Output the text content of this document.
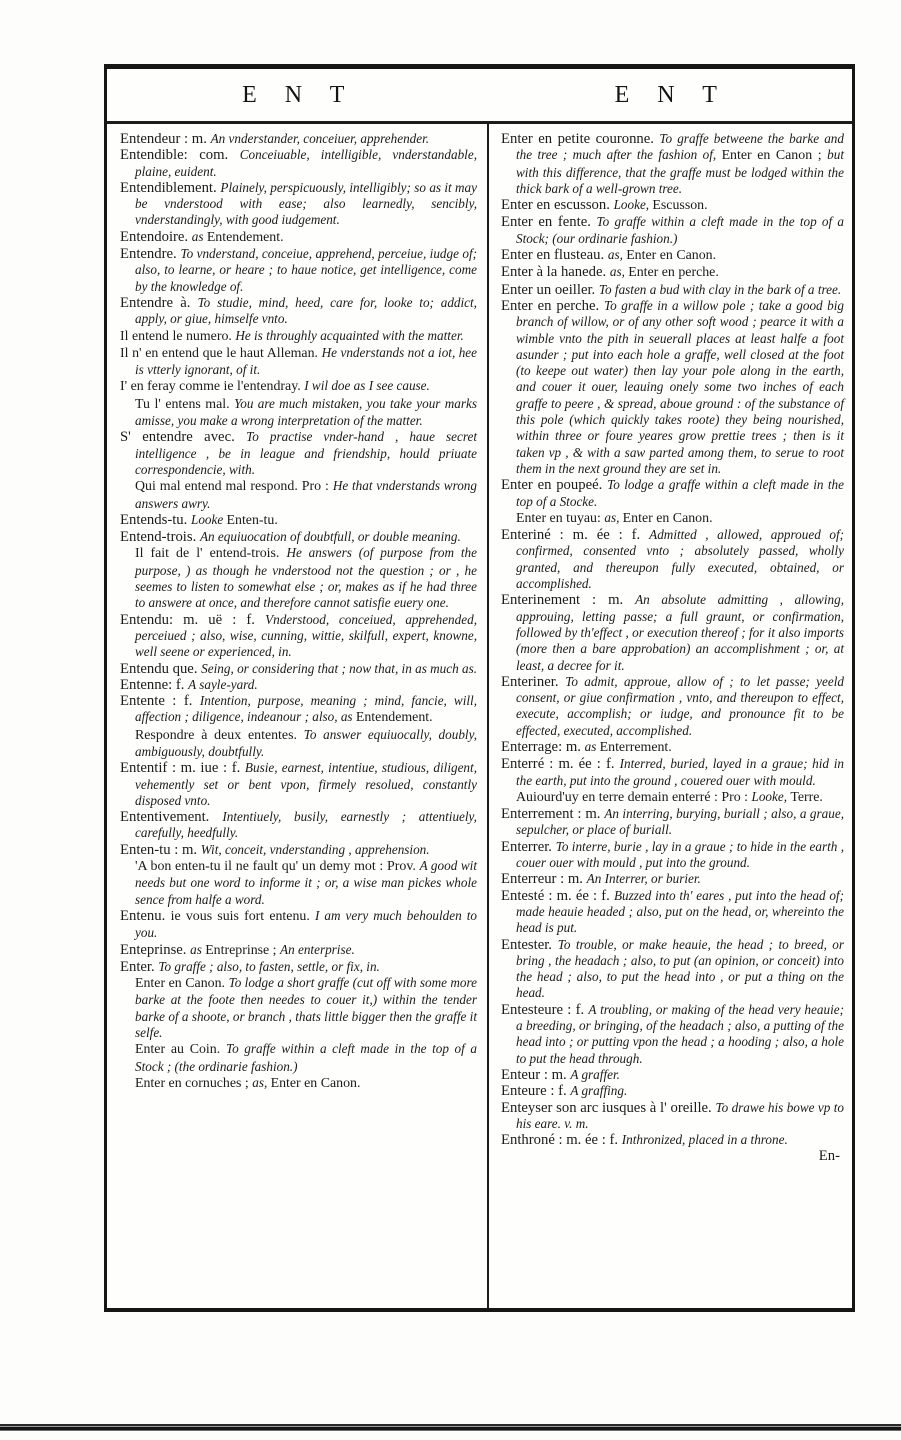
E N T	E N T

Entendeur : m. An vnderstander, conceiuer, apprehender.

Entendible: com. Conceiuable, intelligible, vnderstandable, plaine, euident.

Entendiblement. Plainely, perspicuously, intelligibly; so as it may be vnderstood with ease; also learnedly, sencibly, vnderstandingly, with good iudgement.

Entendoire. as Entendement.

Entendre. To vnderstand, conceiue, apprehend, perceiue, iudge of; also, to learne, or heare ; to haue notice, get intelligence, come by the knowledge of.

Entendre à. To studie, mind, heed, care for, looke to; addict, apply, or giue, himselfe vnto.

Il entend le numero. He is throughly acquainted with the matter.

Il n' en entend que le haut Alleman. He vnderstands not a iot, hee is vtterly ignorant, of it.

I' en feray comme ie l'entendray. I wil doe as I see cause.

Tu l' entens mal. You are much mistaken, you take your marks amisse, you make a wrong interpretation of the matter.

S' entendre avec. To practise vnder-hand , haue secret intelligence , be in league and friendship, hould priuate correspondencie, with.

Qui mal entend mal respond. Pro : He that vnderstands wrong answers awry.

Entends-tu. Looke Enten-tu.

Entend-trois. An equiuocation of doubtfull, or double meaning.

Il fait de l' entend-trois. He answers (of purpose from the purpose, ) as though he vnderstood not the question ; or , he seemes to listen to somewhat else ; or, makes as if he had three to answere at once, and therefore cannot satisfie euery one.

Entendu: m. uë : f. Vnderstood, conceiued, apprehended, perceiued ; also, wise, cunning, wittie, skilfull, expert, knowne, well seene or experienced, in.

Entendu que. Seing, or considering that ; now that, in as much as.

Entenne: f. A sayle-yard.

Entente : f. Intention, purpose, meaning ; mind, fancie, will, affection ; diligence, indeanour ; also, as Entendement.

Respondre à deux ententes. To answer equiuocally, doubly, ambiguously, doubtfully.

Ententif : m. iue : f. Busie, earnest, intentiue, studious, diligent, vehemently set or bent vpon, firmely resolued, constantly disposed vnto.

Ententivement. Intentiuely, busily, earnestly ; attentiuely, carefully, heedfully.

Enten-tu : m. Wit, conceit, vnderstanding , apprehension.

'A bon enten-tu il ne fault qu' un demy mot : Prov. A good wit needs but one word to informe it ; or, a wise man pickes whole sence from halfe a word.

Entenu. ie vous suis fort entenu. I am very much behoulden to you.

Enteprinse. as Entreprinse ; An enterprise.

Enter. To graffe ; also, to fasten, settle, or fix, in.

Enter en Canon. To lodge a short graffe (cut off with some more barke at the foote then needes to couer it,) within the tender barke of a shoote, or branch , thats little bigger then the graffe it selfe.

Enter au Coin. To graffe within a cleft made in the top of a Stock ; (the ordinarie fashion.)

Enter en cornuches ; as, Enter en Canon.

Enter en petite couronne. To graffe betweene the barke and the tree ; much after the fashion of, Enter en Canon ; but with this difference, that the graffe must be lodged within the thick bark of a well-grown tree.

Enter en escusson. Looke, Escusson.

Enter en fente. To graffe within a cleft made in the top of a Stock; (our ordinarie fashion.)

Enter en flusteau. as, Enter en Canon.

Enter à la hanede. as, Enter en perche.

Enter un oeiller. To fasten a bud with clay in the bark of a tree.

Enter en perche. To graffe in a willow pole ; take a good big branch of willow, or of any other soft wood ; pearce it with a wimble vnto the pith in seuerall places at least halfe a foot asunder ; put into each hole a graffe, well closed at the foot (to keepe out water) then lay your pole along in the earth, and couer it ouer, leauing onely some two inches of each graffe to peere , & spread, aboue ground : of the substance of this pole (which quickly takes roote) they being nourished, within three or foure yeares grow prettie trees ; then is it taken vp , & with a saw parted among them, to serue to root them in the next ground they are set in.

Enter en poupeé. To lodge a graffe within a cleft made in the top of a Stocke.

Enter en tuyau: as, Enter en Canon.

Enteriné : m. ée : f. Admitted , allowed, approued of; confirmed, consented vnto ; absolutely passed, wholly granted, and thereupon fully executed, obtained, or accomplished.

Enterinement : m. An absolute admitting , allowing, approuing, letting passe; a full graunt, or confirmation, followed by th'effect , or execution thereof ; for it also imports (more then a bare approbation) an accomplishment ; or, at least, a decree for it.

Enteriner. To admit, approue, allow of ; to let passe; yeeld consent, or giue confirmation , vnto, and thereupon to effect, execute, accomplish; or iudge, and pronounce fit to be effected, executed, accomplished.

Enterrage: m. as Enterrement.

Enterré : m. ée : f. Interred, buried, layed in a graue; hid in the earth, put into the ground , couered ouer with mould.

Auiourd'uy en terre demain enterré : Pro : Looke, Terre.

Enterrement : m. An interring, burying, buriall ; also, a graue, sepulcher, or place of buriall.

Enterrer. To interre, burie , lay in a graue ; to hide in the earth , couer ouer with mould , put into the ground.

Enterreur : m. An Interrer, or burier.

Entesté : m. ée : f. Buzzed into th' eares , put into the head of; made heauie headed ; also, put on the head, or, whereinto the head is put.

Entester. To trouble, or make heauie, the head ; to breed, or bring , the headach ; also, to put (an opinion, or conceit) into the head ; also, to put the head into , or put a thing on the head.

Entesteure : f. A troubling, or making of the head very heauie; a breeding, or bringing, of the headach ; also, a putting of the head into ; or putting vpon the head ; a hooding ; also, a hole to put the head through.

Enteur : m. A graffer.

Enteure : f. A graffing.

Enteyser son arc iusques à l' oreille. To drawe his bowe vp to his eare. v. m.

Enthroné : m. ée : f. Inthronized, placed in a throne.

En-
